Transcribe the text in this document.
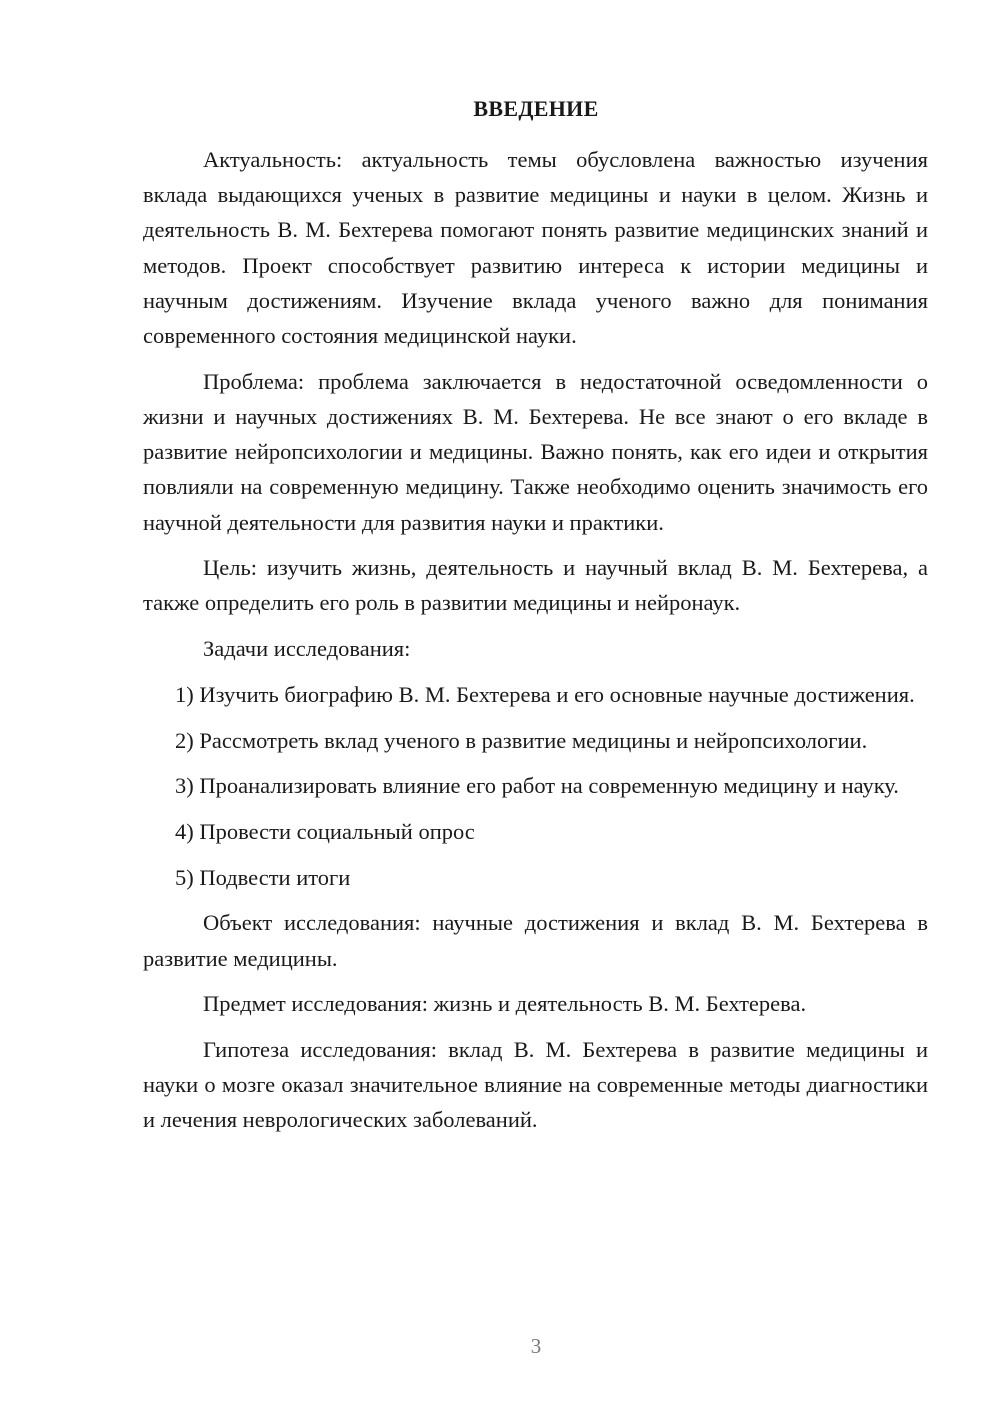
ВВЕДЕНИЕ

Актуальность: актуальность темы обусловлена важностью изучения вклада выдающихся ученых в развитие медицины и науки в целом. Жизнь и деятельность В. М. Бехтерева помогают понять развитие медицинских знаний и методов. Проект способствует развитию интереса к истории медицины и научным достижениям. Изучение вклада ученого важно для понимания современного состояния медицинской науки.

Проблема: проблема заключается в недостаточной осведомленности о жизни и научных достижениях В. М. Бехтерева. Не все знают о его вкладе в развитие нейропсихологии и медицины. Важно понять, как его идеи и открытия повлияли на современную медицину. Также необходимо оценить значимость его научной деятельности для развития науки и практики.

Цель: изучить жизнь, деятельность и научный вклад В. М. Бехтерева, а также определить его роль в развитии медицины и нейронаук.

Задачи исследования:

1) Изучить биографию В. М. Бехтерева и его основные научные достижения.

2) Рассмотреть вклад ученого в развитие медицины и нейропсихологии.

3) Проанализировать влияние его работ на современную медицину и науку.

4) Провести социальный опрос

5) Подвести итоги

Объект исследования: научные достижения и вклад В. М. Бехтерева в развитие медицины.

Предмет исследования: жизнь и деятельность В. М. Бехтерева.

Гипотеза исследования: вклад В. М. Бехтерева в развитие медицины и науки о мозге оказал значительное влияние на современные методы диагностики и лечения неврологических заболеваний.

3
